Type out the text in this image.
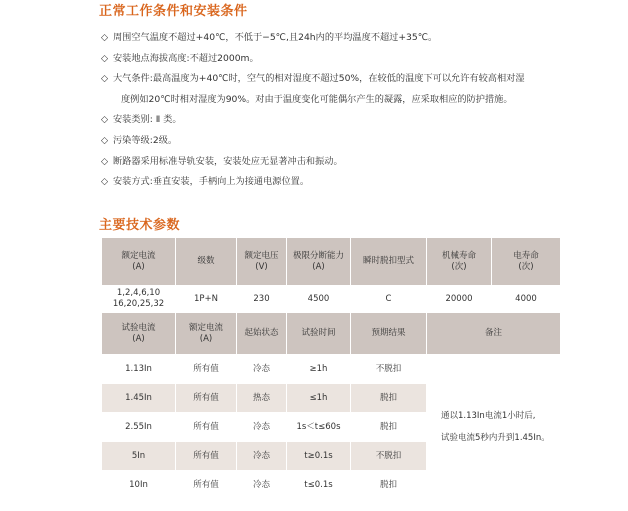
正常工作条件和安装条件
◇ 周围空气温度不超过+40℃，不低于−5℃,且24h内的平均温度不超过+35℃。
◇ 安装地点海拔高度:不超过2000m。
◇ 大气条件:最高温度为+40℃时，空气的相对湿度不超过50%，在较低的温度下可以允许有较高相对湿
度例如20℃时相对湿度为90%。对由于温度变化可能偶尔产生的凝露，应采取相应的防护措施。
◇ 安装类别: Ⅱ 类。
◇ 污染等级:2级。
◇ 断路器采用标准导轨安装，安装处应无显著冲击和振动。
◇ 安装方式:垂直安装，手柄向上为接通电源位置。
主要技术参数
额定电流
(A)	级数	额定电压
(V)	极限分断能力
(A)	瞬时脱扣型式	机械寿命
(次)	电寿命
(次)
1,2,4,6,10
16,20,25,32	1P+N	230	4500	C	20000	4000
试验电流
(A)	额定电流
(A)	起始状态	试验时间	预期结果	备注	
1.13In	所有值	冷态	≥1h	不脱扣	通以1.13In电流1小时后,
试验电流5秒内升到1.45In。	
1.45In	所有值	热态	≤1h	脱扣		
2.55In	所有值	冷态	1s＜t≤60s	脱扣		
5In	所有值	冷态	t≥0.1s	不脱扣		
10In	所有值	冷态	t≤0.1s	脱扣		
